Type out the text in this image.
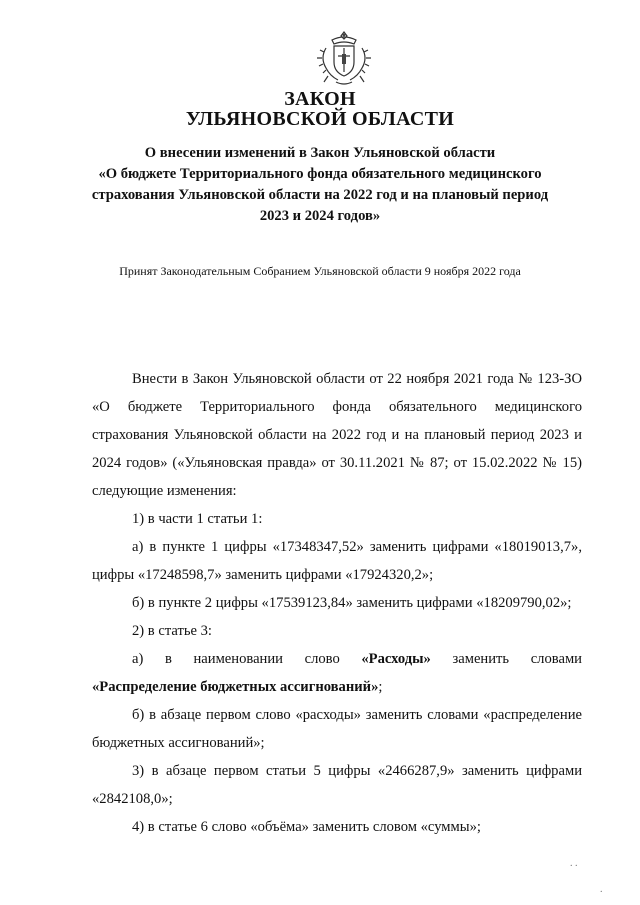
ЗАКОН
УЛЬЯНОВСКОЙ ОБЛАСТИ
О внесении изменений в Закон Ульяновской области
«О бюджете Территориального фонда обязательного медицинского
страхования Ульяновской области на 2022 год и на плановый период
2023 и 2024 годов»
Принят Законодательным Собранием Ульяновской области 9 ноября 2022 года

Внести в Закон Ульяновской области от 22 ноября 2021 года № 123-ЗО «О бюджете Территориального фонда обязательного медицинского страхования Ульяновской области на 2022 год и на плановый период 2023 и 2024 годов» («Ульяновская правда» от 30.11.2021 № 87; от 15.02.2022 № 15) следующие изменения:

1) в части 1 статьи 1:

а) в пункте 1 цифры «17348347,52» заменить цифрами «18019013,7», цифры «17248598,7» заменить цифрами «17924320,2»;

б) в пункте 2 цифры «17539123,84» заменить цифрами «18209790,02»;

2) в статье 3:

а) в наименовании слово «Расходы» заменить словами «Распределение бюджетных ассигнований»;

б) в абзаце первом слово «расходы» заменить словами «распределение бюджетных ассигнований»;

3) в абзаце первом статьи 5 цифры «2466287,9» заменить цифрами «2842108,0»;

4) в статье 6 слово «объёма» заменить словом «суммы»;

. .
.
